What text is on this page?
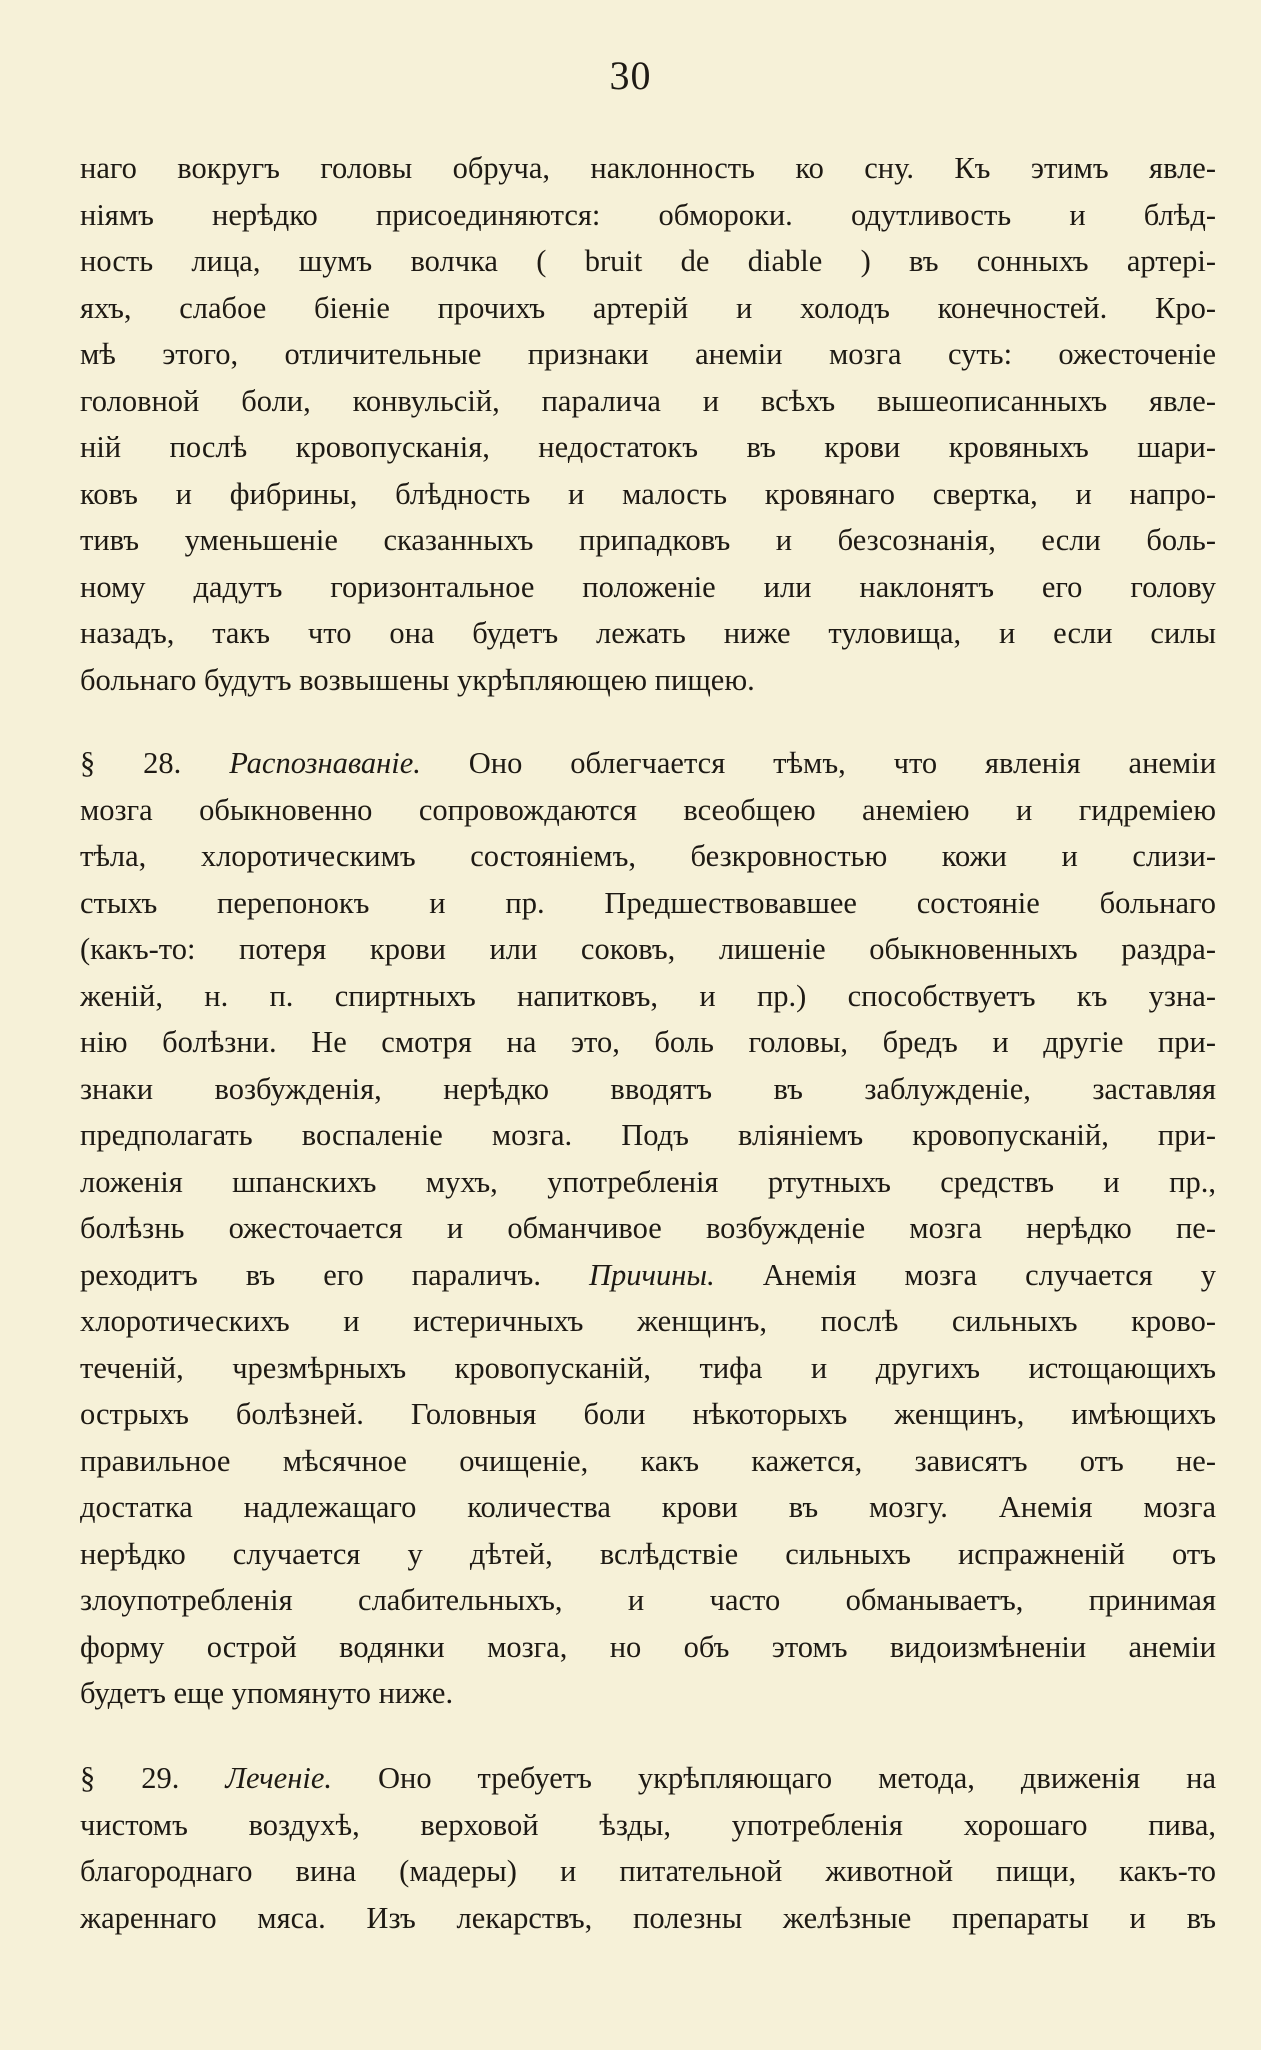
30
наго вокругъ головы обруча, наклонность ко сну. Къ этимъ явле-
ніямъ нерѣдко присоединяются: обмороки. одутливость и блѣд-
ность лица, шумъ волчка ( bruit de diable ) въ сонныхъ артері-
яхъ, слабое біеніе прочихъ артерій и холодъ конечностей. Кро-
мѣ этого, отличительные признаки анеміи мозга суть: ожесточеніе
головной боли, конвульсій, паралича и всѣхъ вышеописанныхъ явле-
ній послѣ кровопусканія, недостатокъ въ крови кровяныхъ шари-
ковъ и фибрины, блѣдность и малость кровянаго свертка, и напро-
тивъ уменьшеніе сказанныхъ припадковъ и безсознанія, если боль-
ному дадутъ горизонтальное положеніе или наклонятъ его голову
назадъ, такъ что она будетъ лежать ниже туловища, и если силы
больнаго будутъ возвышены укрѣпляющею пищею.
§ 28. Распознаваніе. Оно облегчается тѣмъ, что явленія анеміи
мозга обыкновенно сопровождаются всеобщею анеміею и гидреміею
тѣла, хлоротическимъ состояніемъ, безкровностью кожи и слизи-
стыхъ перепонокъ и пр. Предшествовавшее состояніе больнаго
(какъ-то: потеря крови или соковъ, лишеніе обыкновенныхъ раздра-
женій, н. п. спиртныхъ напитковъ, и пр.) способствуетъ къ узна-
нію болѣзни. Не смотря на это, боль головы, бредъ и другіе при-
знаки возбужденія, нерѣдко вводятъ въ заблужденіе, заставляя
предполагать воспаленіе мозга. Подъ вліяніемъ кровопусканій, при-
ложенія шпанскихъ мухъ, употребленія ртутныхъ средствъ и пр.,
болѣзнь ожесточается и обманчивое возбужденіе мозга нерѣдко пе-
реходитъ въ его параличъ. Причины. Анемія мозга случается у
хлоротическихъ и истеричныхъ женщинъ, послѣ сильныхъ крово-
теченій, чрезмѣрныхъ кровопусканій, тифа и другихъ истощающихъ
острыхъ болѣзней. Головныя боли нѣкоторыхъ женщинъ, имѣющихъ
правильное мѣсячное очищеніе, какъ кажется, зависятъ отъ не-
достатка надлежащаго количества крови въ мозгу. Анемія мозга
нерѣдко случается у дѣтей, вслѣдствіе сильныхъ испражненій отъ
злоупотребленія слабительныхъ, и часто обманываетъ, принимая
форму острой водянки мозга, но объ этомъ видоизмѣненіи анеміи
будетъ еще упомянуто ниже.
§ 29. Леченіе. Оно требуетъ укрѣпляющаго метода, движенія на
чистомъ воздухѣ, верховой ѣзды, употребленія хорошаго пива,
благороднаго вина (мадеры) и питательной животной пищи, какъ-то
жареннаго мяса. Изъ лекарствъ, полезны желѣзные препараты и въ
